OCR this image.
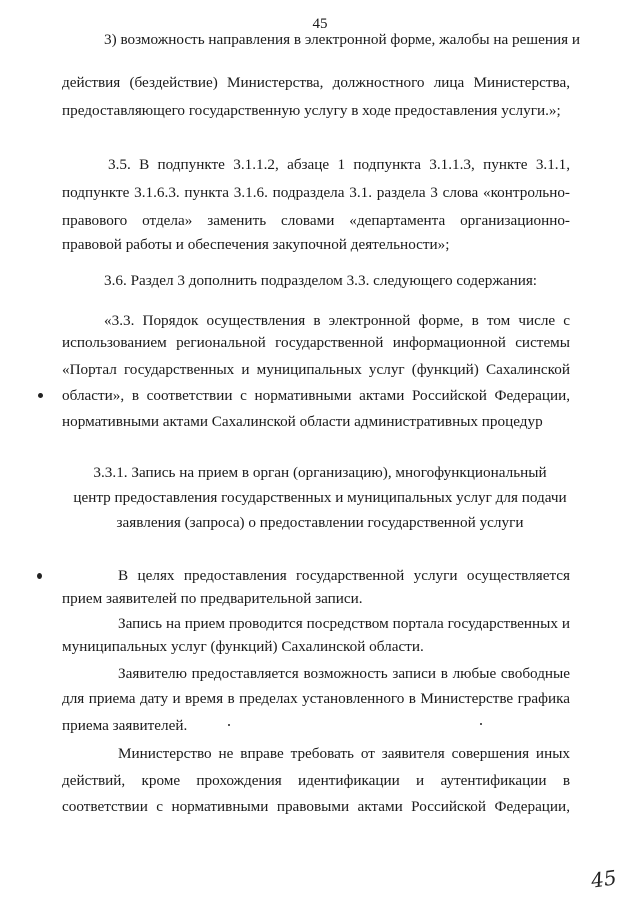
45
3) возможность направления в электронной форме, жалобы на решения и
действия (бездействие) Министерства, должностного лица Министерства,
предоставляющего государственную услугу в ходе предоставления услуги.»;
3.5. В подпункте 3.1.1.2, абзаце 1 подпункта 3.1.1.3, пункте 3.1.1,
подпункте 3.1.6.3. пункта 3.1.6. подраздела 3.1. раздела 3 слова «контрольно-
правового отдела» заменить словами «департамента организационно-
правовой работы и обеспечения закупочной деятельности»;
3.6. Раздел 3 дополнить подразделом 3.3. следующего содержания:
«3.3. Порядок осуществления в электронной форме, в том числе с
использованием региональной государственной информационной системы
«Портал государственных и муниципальных услуг (функций) Сахалинской
области», в соответствии с нормативными актами Российской Федерации,
нормативными актами Сахалинской области административных процедур
3.3.1. Запись на прием в орган (организацию), многофункциональный
центр предоставления государственных и муниципальных услуг для подачи
заявления (запроса) о предоставлении государственной услуги
В целях предоставления государственной услуги осуществляется
прием заявителей по предварительной записи.
Запись на прием проводится посредством портала государственных и
муниципальных услуг (функций) Сахалинской области.
Заявителю предоставляется возможность записи в любые свободные
для приема дату и время в пределах установленного в Министерстве графика
приема заявителей.
Министерство не вправе требовать от заявителя совершения иных
действий, кроме прохождения идентификации и аутентификации в
соответствии с нормативными правовыми актами Российской Федерации,
45
